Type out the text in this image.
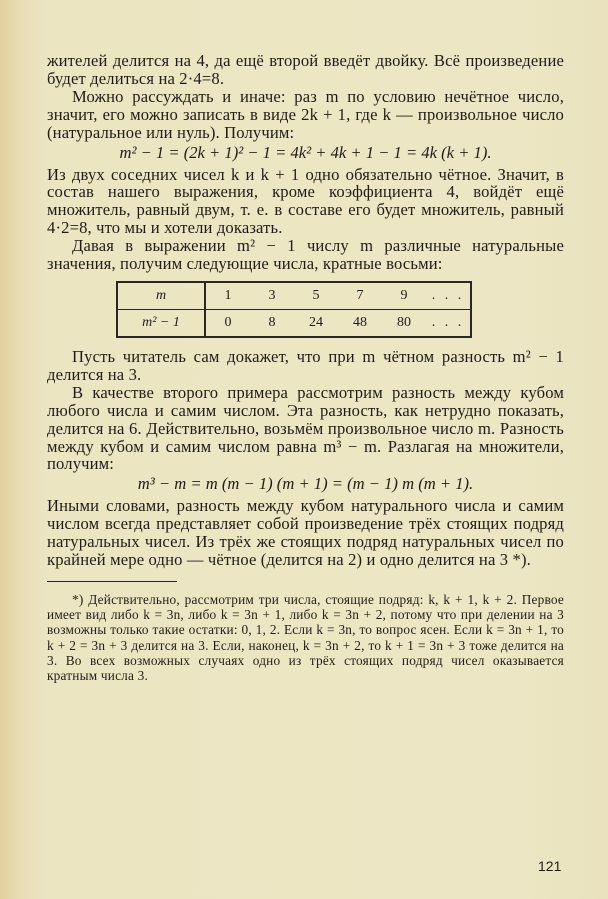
жителей делится на 4, да ещё второй введёт двойку. Всё произведение будет делиться на 2·4=8.

Можно рассуждать и иначе: раз m по условию нечётное число, значит, его можно записать в виде 2k + 1, где k — произвольное число (натуральное или нуль). Получим:

m² − 1 = (2k + 1)² − 1 = 4k² + 4k + 1 − 1 = 4k (k + 1).

Из двух соседних чисел k и k + 1 одно обязательно чётное. Значит, в состав нашего выражения, кроме коэффициента 4, войдёт ещё множитель, равный двум, т. е. в составе его будет множитель, равный 4·2=8, что мы и хотели доказать.

Давая в выражении m² − 1 числу m различные натуральные значения, получим следующие числа, кратные восьми:

m	1	3	5	7	9	. . .
m² − 1	0	8	24	48	80	. . .

Пусть читатель сам докажет, что при m чётном разность m² − 1 делится на 3.

В качестве второго примера рассмотрим разность между кубом любого числа и самим числом. Эта разность, как нетрудно показать, делится на 6. Действительно, возьмём произвольное число m. Разность между кубом и самим числом равна m³ − m. Разлагая на множители, получим:

m³ − m = m (m − 1) (m + 1) = (m − 1) m (m + 1).

Иными словами, разность между кубом натурального числа и самим числом всегда представляет собой произведение трёх стоящих подряд натуральных чисел. Из трёх же стоящих подряд натуральных чисел по крайней мере одно — чётное (делится на 2) и одно делится на 3 *).

*) Действительно, рассмотрим три числа, стоящие подряд: k, k + 1, k + 2. Первое имеет вид либо k = 3n, либо k = 3n + 1, либо k = 3n + 2, потому что при делении на 3 возможны только такие остатки: 0, 1, 2. Если k = 3n, то вопрос ясен. Если k = 3n + 1, то k + 2 = 3n + 3 делится на 3. Если, наконец, k = 3n + 2, то k + 1 = 3n + 3 тоже делится на 3. Во всех возможных случаях одно из трёх стоящих подряд чисел оказывается кратным числа 3.

121
